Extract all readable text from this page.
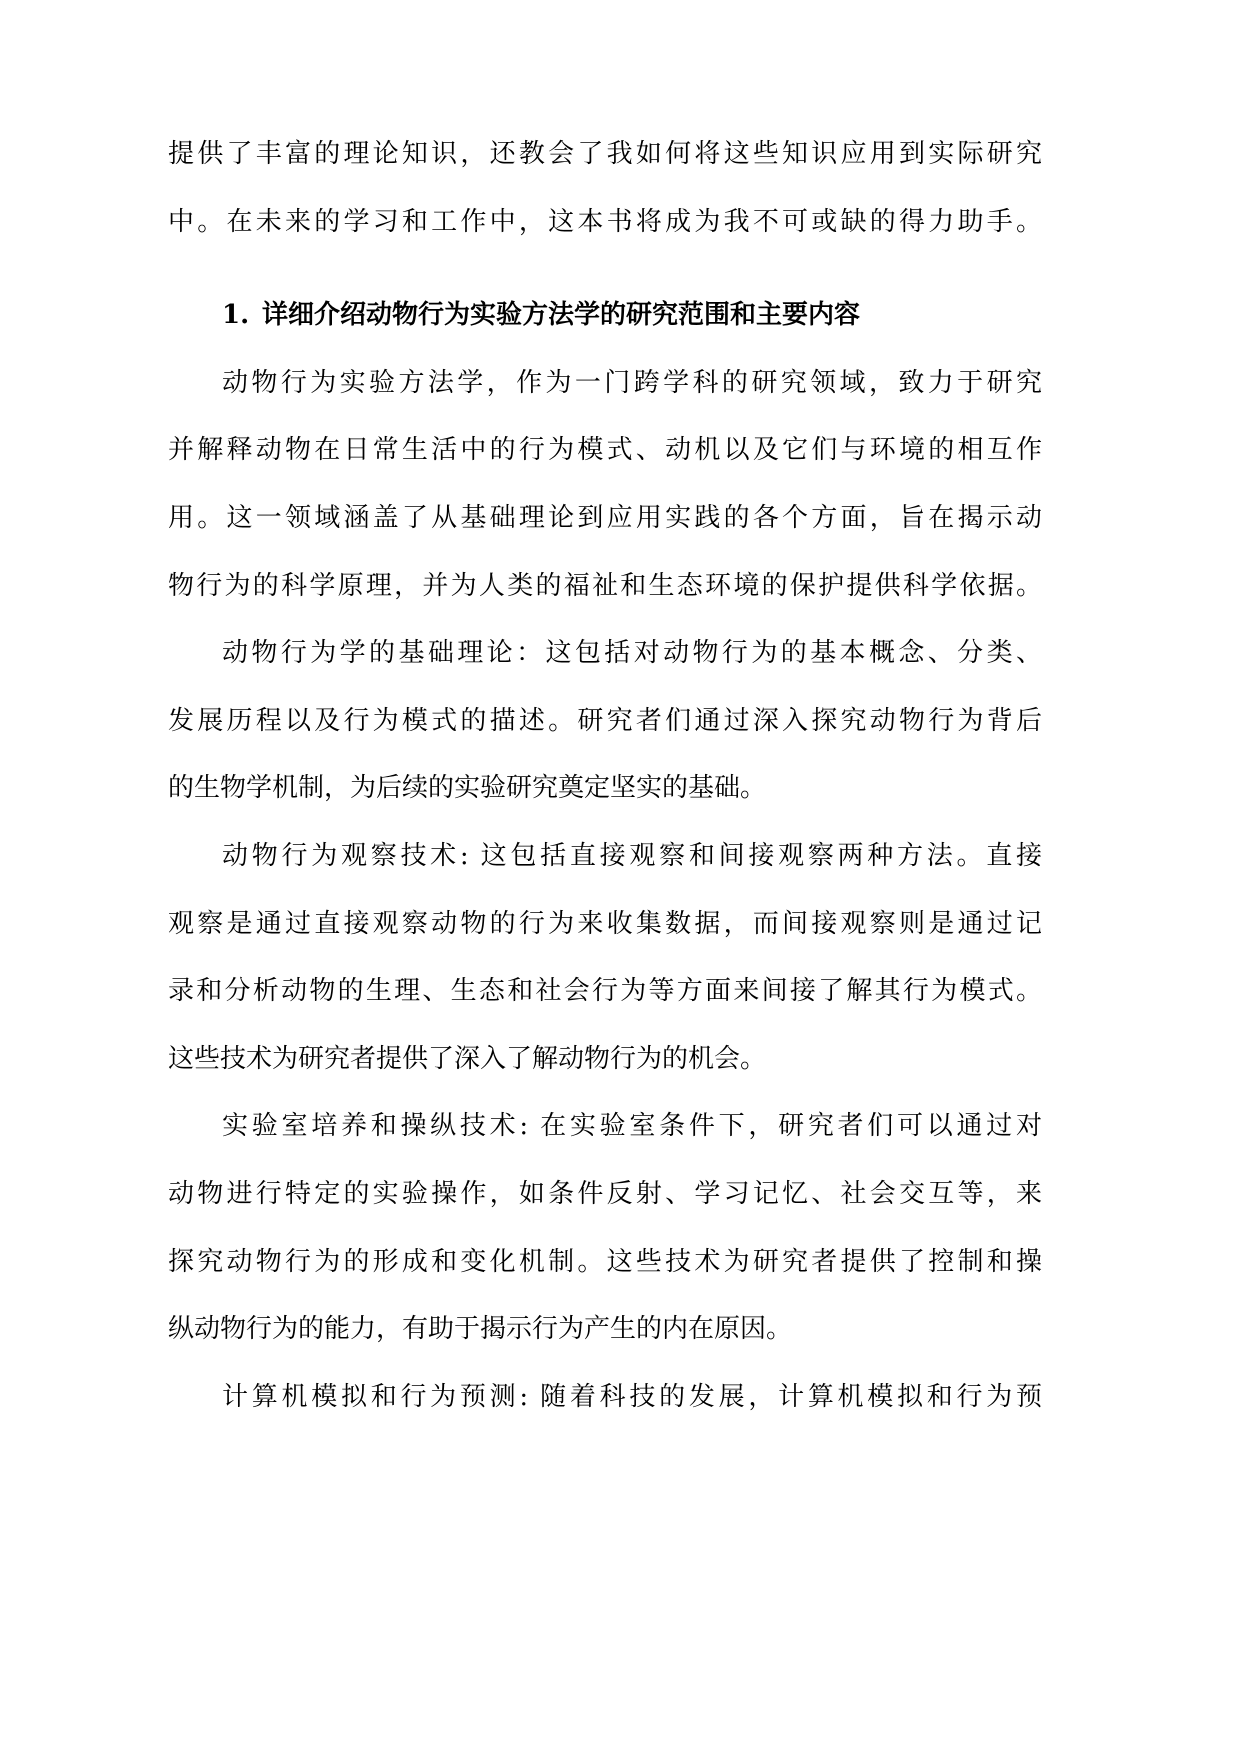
提供了丰富的理论知识，还教会了我如何将这些知识应用到实际研究
中。在未来的学习和工作中，这本书将成为我不可或缺的得力助手。
1. 详细介绍动物行为实验方法学的研究范围和主要内容
动物行为实验方法学，作为一门跨学科的研究领域，致力于研究
并解释动物在日常生活中的行为模式、动机以及它们与环境的相互作
用。这一领域涵盖了从基础理论到应用实践的各个方面，旨在揭示动
物行为的科学原理，并为人类的福祉和生态环境的保护提供科学依据。
动物行为学的基础理论：这包括对动物行为的基本概念、分类、
发展历程以及行为模式的描述。研究者们通过深入探究动物行为背后
的生物学机制，为后续的实验研究奠定坚实的基础。
动物行为观察技术: 这包括直接观察和间接观察两种方法。直接
观察是通过直接观察动物的行为来收集数据，而间接观察则是通过记
录和分析动物的生理、生态和社会行为等方面来间接了解其行为模式。
这些技术为研究者提供了深入了解动物行为的机会。
实验室培养和操纵技术: 在实验室条件下，研究者们可以通过对
动物进行特定的实验操作，如条件反射、学习记忆、社会交互等，来
探究动物行为的形成和变化机制。这些技术为研究者提供了控制和操
纵动物行为的能力，有助于揭示行为产生的内在原因。
计算机模拟和行为预测: 随着科技的发展，计算机模拟和行为预
